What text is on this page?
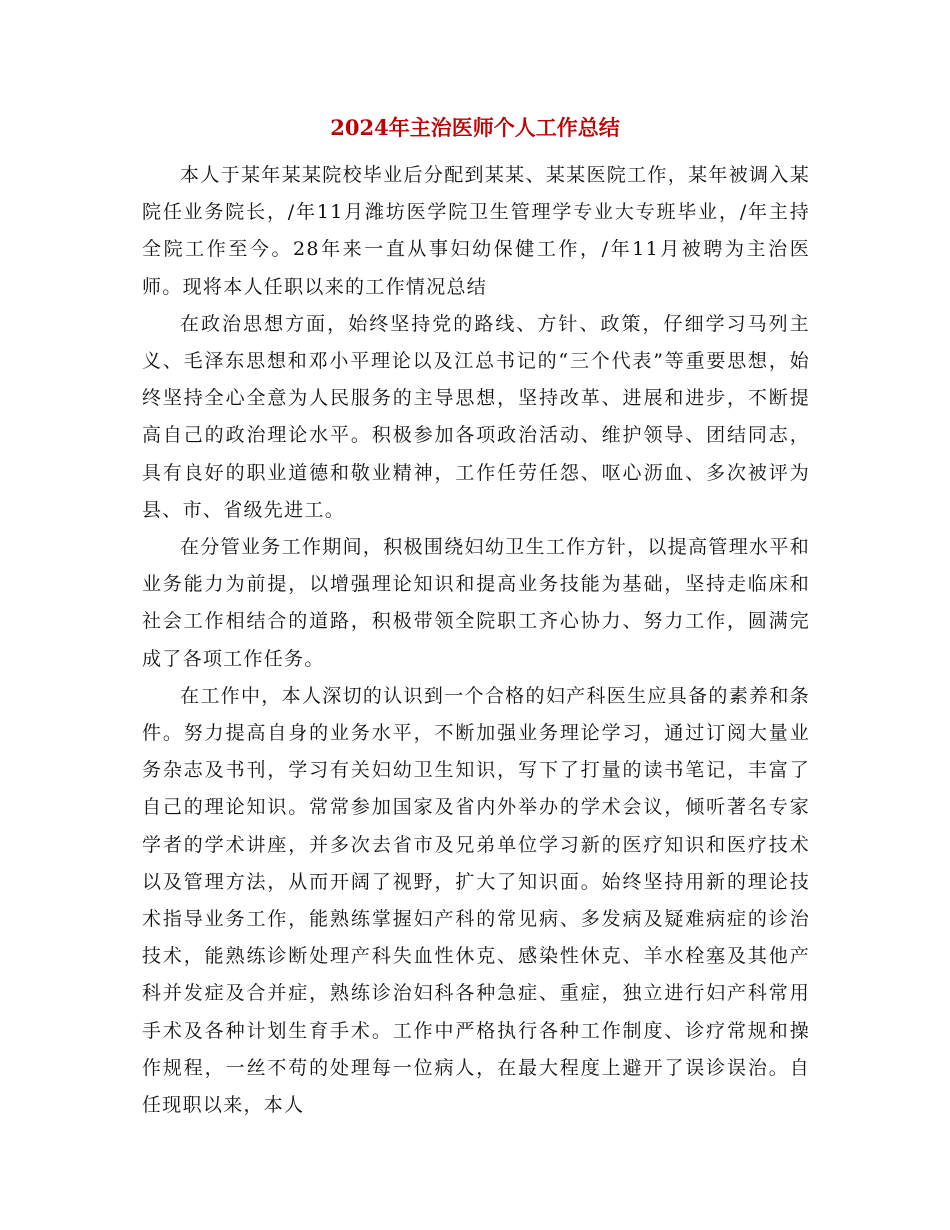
2024年主治医师个人工作总结

本人于某年某某院校毕业后分配到某某、某某医院工作，某年被调入某院任业务院长，/年11月潍坊医学院卫生管理学专业大专班毕业，/年主持全院工作至今。28年来一直从事妇幼保健工作，/年11月被聘为主治医师。现将本人任职以来的工作情况总结

在政治思想方面，始终坚持党的路线、方针、政策，仔细学习马列主义、毛泽东思想和邓小平理论以及江总书记的“三个代表”等重要思想，始终坚持全心全意为人民服务的主导思想，坚持改革、进展和进步，不断提高自己的政治理论水平。积极参加各项政治活动、维护领导、团结同志，具有良好的职业道德和敬业精神，工作任劳任怨、呕心沥血、多次被评为县、市、省级先进工。

在分管业务工作期间，积极围绕妇幼卫生工作方针，以提高管理水平和业务能力为前提，以增强理论知识和提高业务技能为基础，坚持走临床和社会工作相结合的道路，积极带领全院职工齐心协力、努力工作，圆满完成了各项工作任务。

在工作中，本人深切的认识到一个合格的妇产科医生应具备的素养和条件。努力提高自身的业务水平，不断加强业务理论学习，通过订阅大量业务杂志及书刊，学习有关妇幼卫生知识，写下了打量的读书笔记，丰富了自己的理论知识。常常参加国家及省内外举办的学术会议，倾听著名专家学者的学术讲座，并多次去省市及兄弟单位学习新的医疗知识和医疗技术以及管理方法，从而开阔了视野，扩大了知识面。始终坚持用新的理论技术指导业务工作，能熟练掌握妇产科的常见病、多发病及疑难病症的诊治技术，能熟练诊断处理产科失血性休克、感染性休克、羊水栓塞及其他产科并发症及合并症，熟练诊治妇科各种急症、重症，独立进行妇产科常用手术及各种计划生育手术。工作中严格执行各种工作制度、诊疗常规和操作规程，一丝不苟的处理每一位病人，在最大程度上避开了误诊误治。自任现职以来，本人
